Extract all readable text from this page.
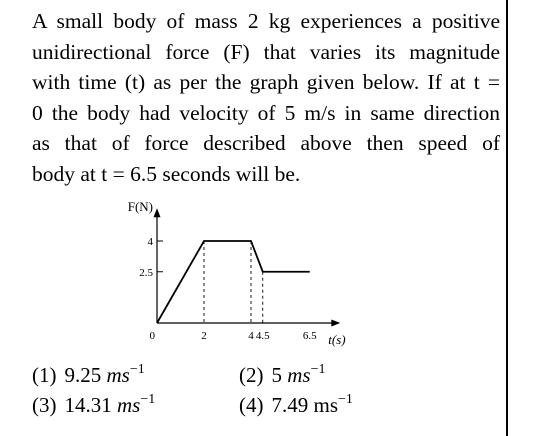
A small body of mass 2 kg experiences a positive
unidirectional force (F) that varies its magnitude
with time (t) as per the graph given below. If at t =
0 the body had velocity of 5 m/s in same direction
as that of force described above then speed of
body at t = 6.5 seconds will be.
F(N)
t(s)
4
2.5
0	2	4 4.5	6.5
(1) 9.25 $ms^{-1}$	(2) 5 $ms^{-1}$
(3) 14.31 $ms^{-1}$	(4) 7.49 $ms^{-1}$
